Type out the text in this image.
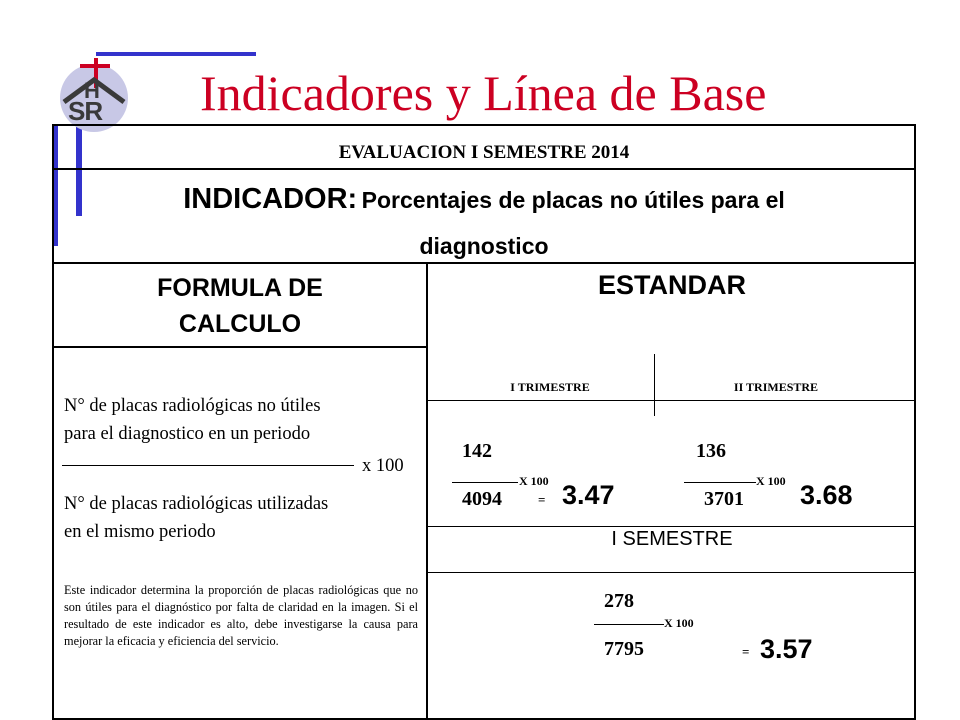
H
SR Indicadores y Línea de Base
EVALUACION I SEMESTRE 2014
INDICADOR: Porcentajes de placas no útiles para el
diagnostico
FORMULA DE
CALCULO
ESTANDAR
N° de placas radiológicas no útiles
para el diagnostico en un periodo
x 100
N° de placas radiológicas utilizadas
en el mismo periodo
Este indicador determina la proporción de placas radiológicas que no son útiles para el diagnóstico por falta de claridad en la imagen. Si el resultado de este indicador es alto, debe investigarse la causa para mejorar la eficacia y eficiencia del servicio.
I TRIMESTRE
142
X 100
4094	= 3.47
II TRIMESTRE
136
X 100
3701 3.68
I SEMESTRE
278
X 100
7795	= 3.57
